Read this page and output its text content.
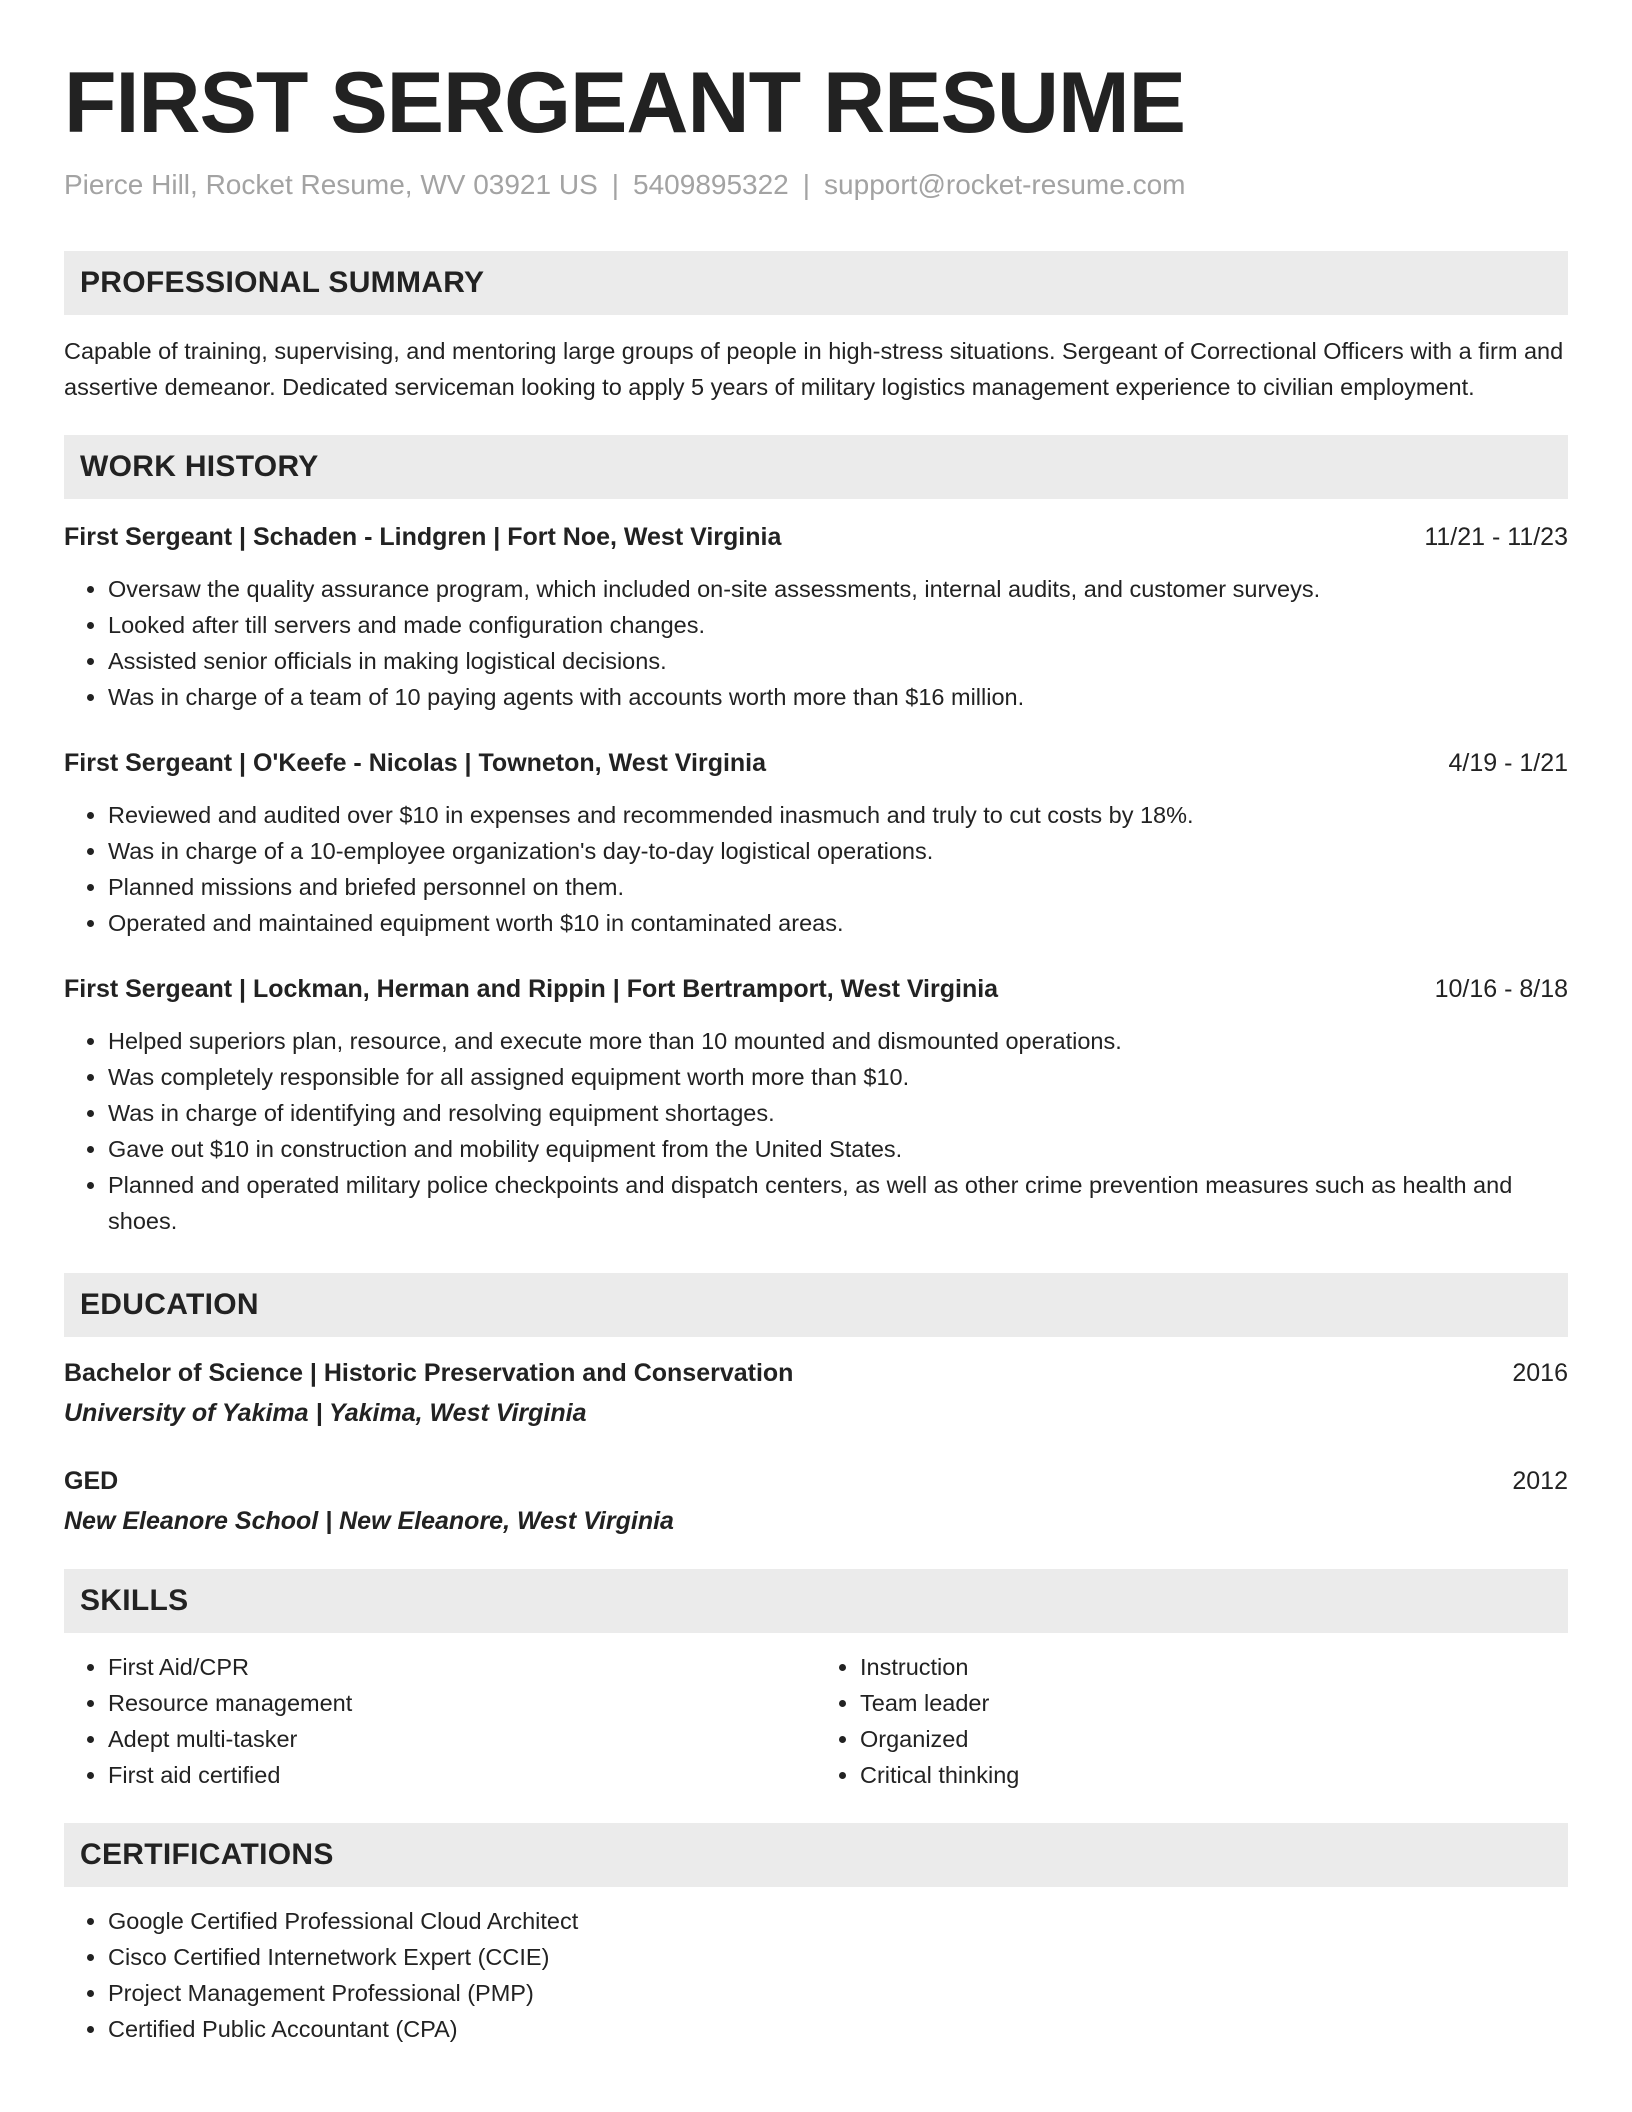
FIRST SERGEANT RESUME
Pierce Hill, Rocket Resume, WV 03921 US | 5409895322 | support@rocket-resume.com
PROFESSIONAL SUMMARY

Capable of training, supervising, and mentoring large groups of people in high-stress situations. Sergeant of Correctional Officers with a firm and assertive demeanor. Dedicated serviceman looking to apply 5 years of military logistics management experience to civilian employment.

WORK HISTORY
First Sergeant | Schaden - Lindgren | Fort Noe, West Virginia	11/21 - 11/23
• Oversaw the quality assurance program, which included on-site assessments, internal audits, and customer surveys.
• Looked after till servers and made configuration changes.
• Assisted senior officials in making logistical decisions.
• Was in charge of a team of 10 paying agents with accounts worth more than $16 million.
First Sergeant | O'Keefe - Nicolas | Towneton, West Virginia	4/19 - 1/21
• Reviewed and audited over $10 in expenses and recommended inasmuch and truly to cut costs by 18%.
• Was in charge of a 10-employee organization's day-to-day logistical operations.
• Planned missions and briefed personnel on them.
• Operated and maintained equipment worth $10 in contaminated areas.
First Sergeant | Lockman, Herman and Rippin | Fort Bertramport, West Virginia	10/16 - 8/18
• Helped superiors plan, resource, and execute more than 10 mounted and dismounted operations.
• Was completely responsible for all assigned equipment worth more than $10.
• Was in charge of identifying and resolving equipment shortages.
• Gave out $10 in construction and mobility equipment from the United States.
• Planned and operated military police checkpoints and dispatch centers, as well as other crime prevention measures such as health and shoes.
EDUCATION
Bachelor of Science | Historic Preservation and Conservation	2016
University of Yakima | Yakima, West Virginia
GED	2012
New Eleanore School | New Eleanore, West Virginia
SKILLS
• First Aid/CPR
• Resource management
• Adept multi-tasker
• First aid certified
• Instruction
• Team leader
• Organized
• Critical thinking
CERTIFICATIONS
• Google Certified Professional Cloud Architect
• Cisco Certified Internetwork Expert (CCIE)
• Project Management Professional (PMP)
• Certified Public Accountant (CPA)
